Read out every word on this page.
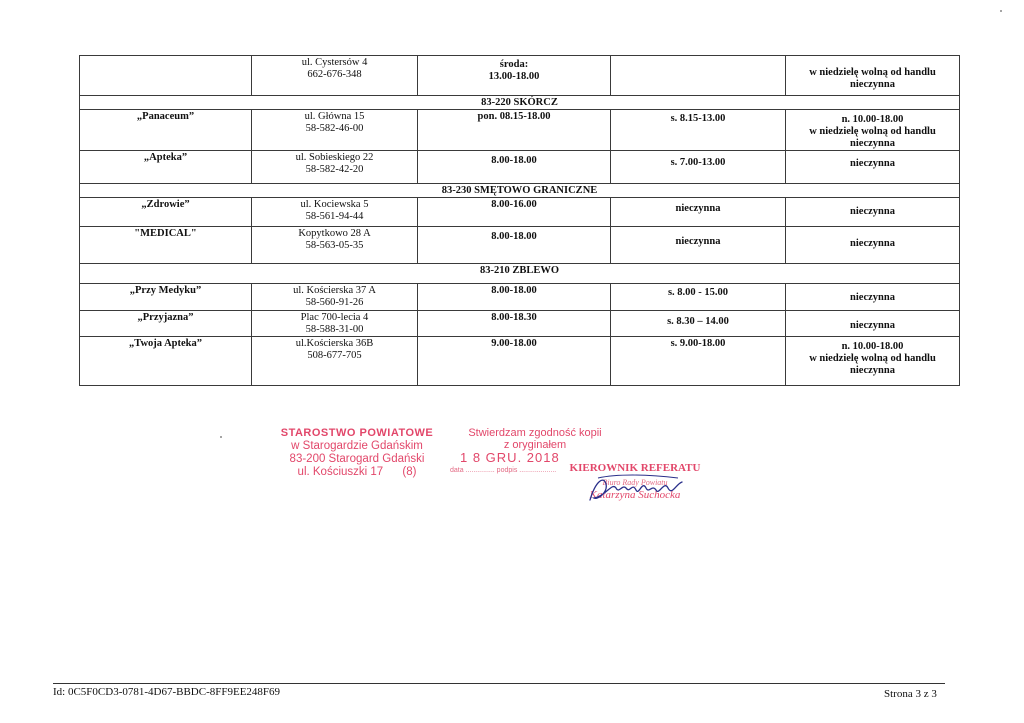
	ul. Cystersów 4
662-676-348	środa:
13.00-18.00		w niedzielę wolną od handlu
nieczynna

83-220 SKÓRCZ				
„Panaceum”	ul. Główna 15
58-582-46-00	pon. 08.15-18.00	s. 8.15-13.00	n. 10.00-18.00
w niedzielę wolną od handlu
nieczynna

„Apteka”	ul. Sobieskiego 22
58-582-42-20	8.00-18.00	s. 7.00-13.00	nieczynna

83-230 SMĘTOWO GRANICZNE				
„Zdrowie”	ul. Kociewska 5
58-561-94-44	8.00-16.00	nieczynna	nieczynna

"MEDICAL"	Kopytkowo 28 A
58-563-05-35	8.00-18.00	nieczynna	nieczynna

83-210 ZBLEWO				
„Przy Medyku”	ul. Kościerska 37 A
58-560-91-26	8.00-18.00	s. 8.00 - 15.00	nieczynna

„Przyjazna”	Plac 700-lecia 4
58-588-31-00	8.00-18.30	s. 8.30 – 14.00	nieczynna

„Twoja Apteka”	ul.Kościerska 36B
508-677-705	9.00-18.00	s. 9.00-18.00	n. 10.00-18.00
w niedzielę wolną od handlu
nieczynna
STAROSTWO POWIATOWE
w Starogardzie Gdańskim
83-200 Starogard Gdański
ul. Kościuszki 17 (8)
Stwierdzam zgodność kopii
z oryginałem
1 8 GRU. 2018
data ............... podpis ...................	KIEROWNIK REFERATU
Biuro Rady Powiatu
Katarzyna Suchocka
Id: 0C5F0CD3-0781-4D67-BBDC-8FF9EE248F69	Strona 3 z 3
